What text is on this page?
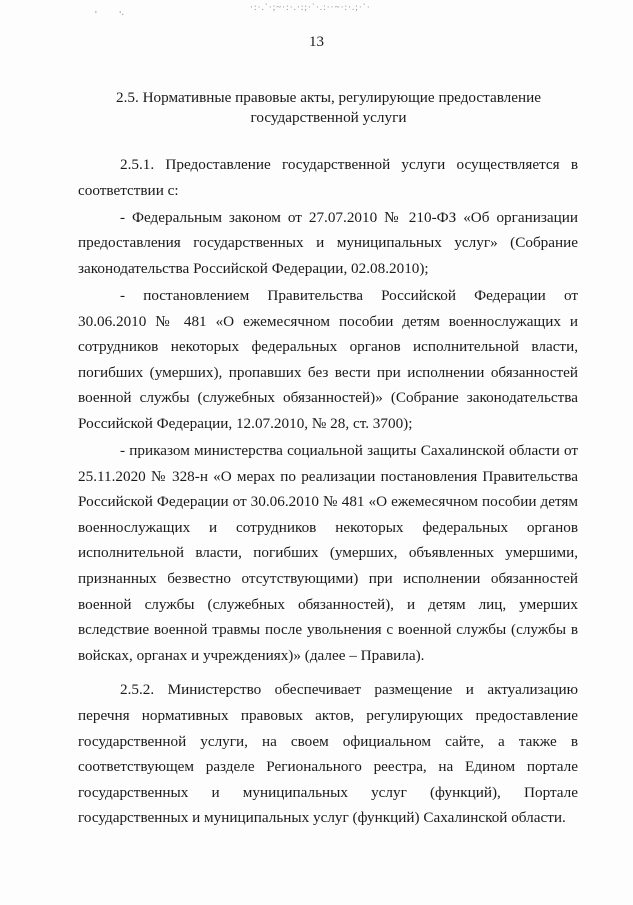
·:·.`·;~·:·.·:;·`·.:··~·:·.;·`·
'         '·
13
2.5. Нормативные правовые акты, регулирующие предоставление
государственной услуги

2.5.1. Предоставление государственной услуги осуществляется в соответствии с:

- Федеральным законом от 27.07.2010 № 210-ФЗ «Об организации предоставления государственных и муниципальных услуг» (Собрание законодательства Российской Федерации, 02.08.2010);

- постановлением Правительства Российской Федерации от 30.06.2010 № 481 «О ежемесячном пособии детям военнослужащих и сотрудников некоторых федеральных органов исполнительной власти, погибших (умерших), пропавших без вести при исполнении обязанностей военной службы (служебных обязанностей)» (Собрание законодательства Российской Федерации, 12.07.2010, № 28, ст. 3700);

- приказом министерства социальной защиты Сахалинской области от 25.11.2020 № 328-н «О мерах по реализации постановления Правительства Российской Федерации от 30.06.2010 № 481 «О ежемесячном пособии детям военнослужащих и сотрудников некоторых федеральных органов исполнительной власти, погибших (умерших, объявленных умершими, признанных безвестно отсутствующими) при исполнении обязанностей военной службы (служебных обязанностей), и детям лиц, умерших вследствие военной травмы после увольнения с военной службы (службы в войсках, органах и учреждениях)» (далее – Правила).

2.5.2. Министерство обеспечивает размещение и актуализацию перечня нормативных правовых актов, регулирующих предоставление государственной услуги, на своем официальном сайте, а также в соответствующем разделе Регионального реестра, на Едином портале государственных и муниципальных услуг (функций), Портале государственных и муниципальных услуг (функций) Сахалинской области.
